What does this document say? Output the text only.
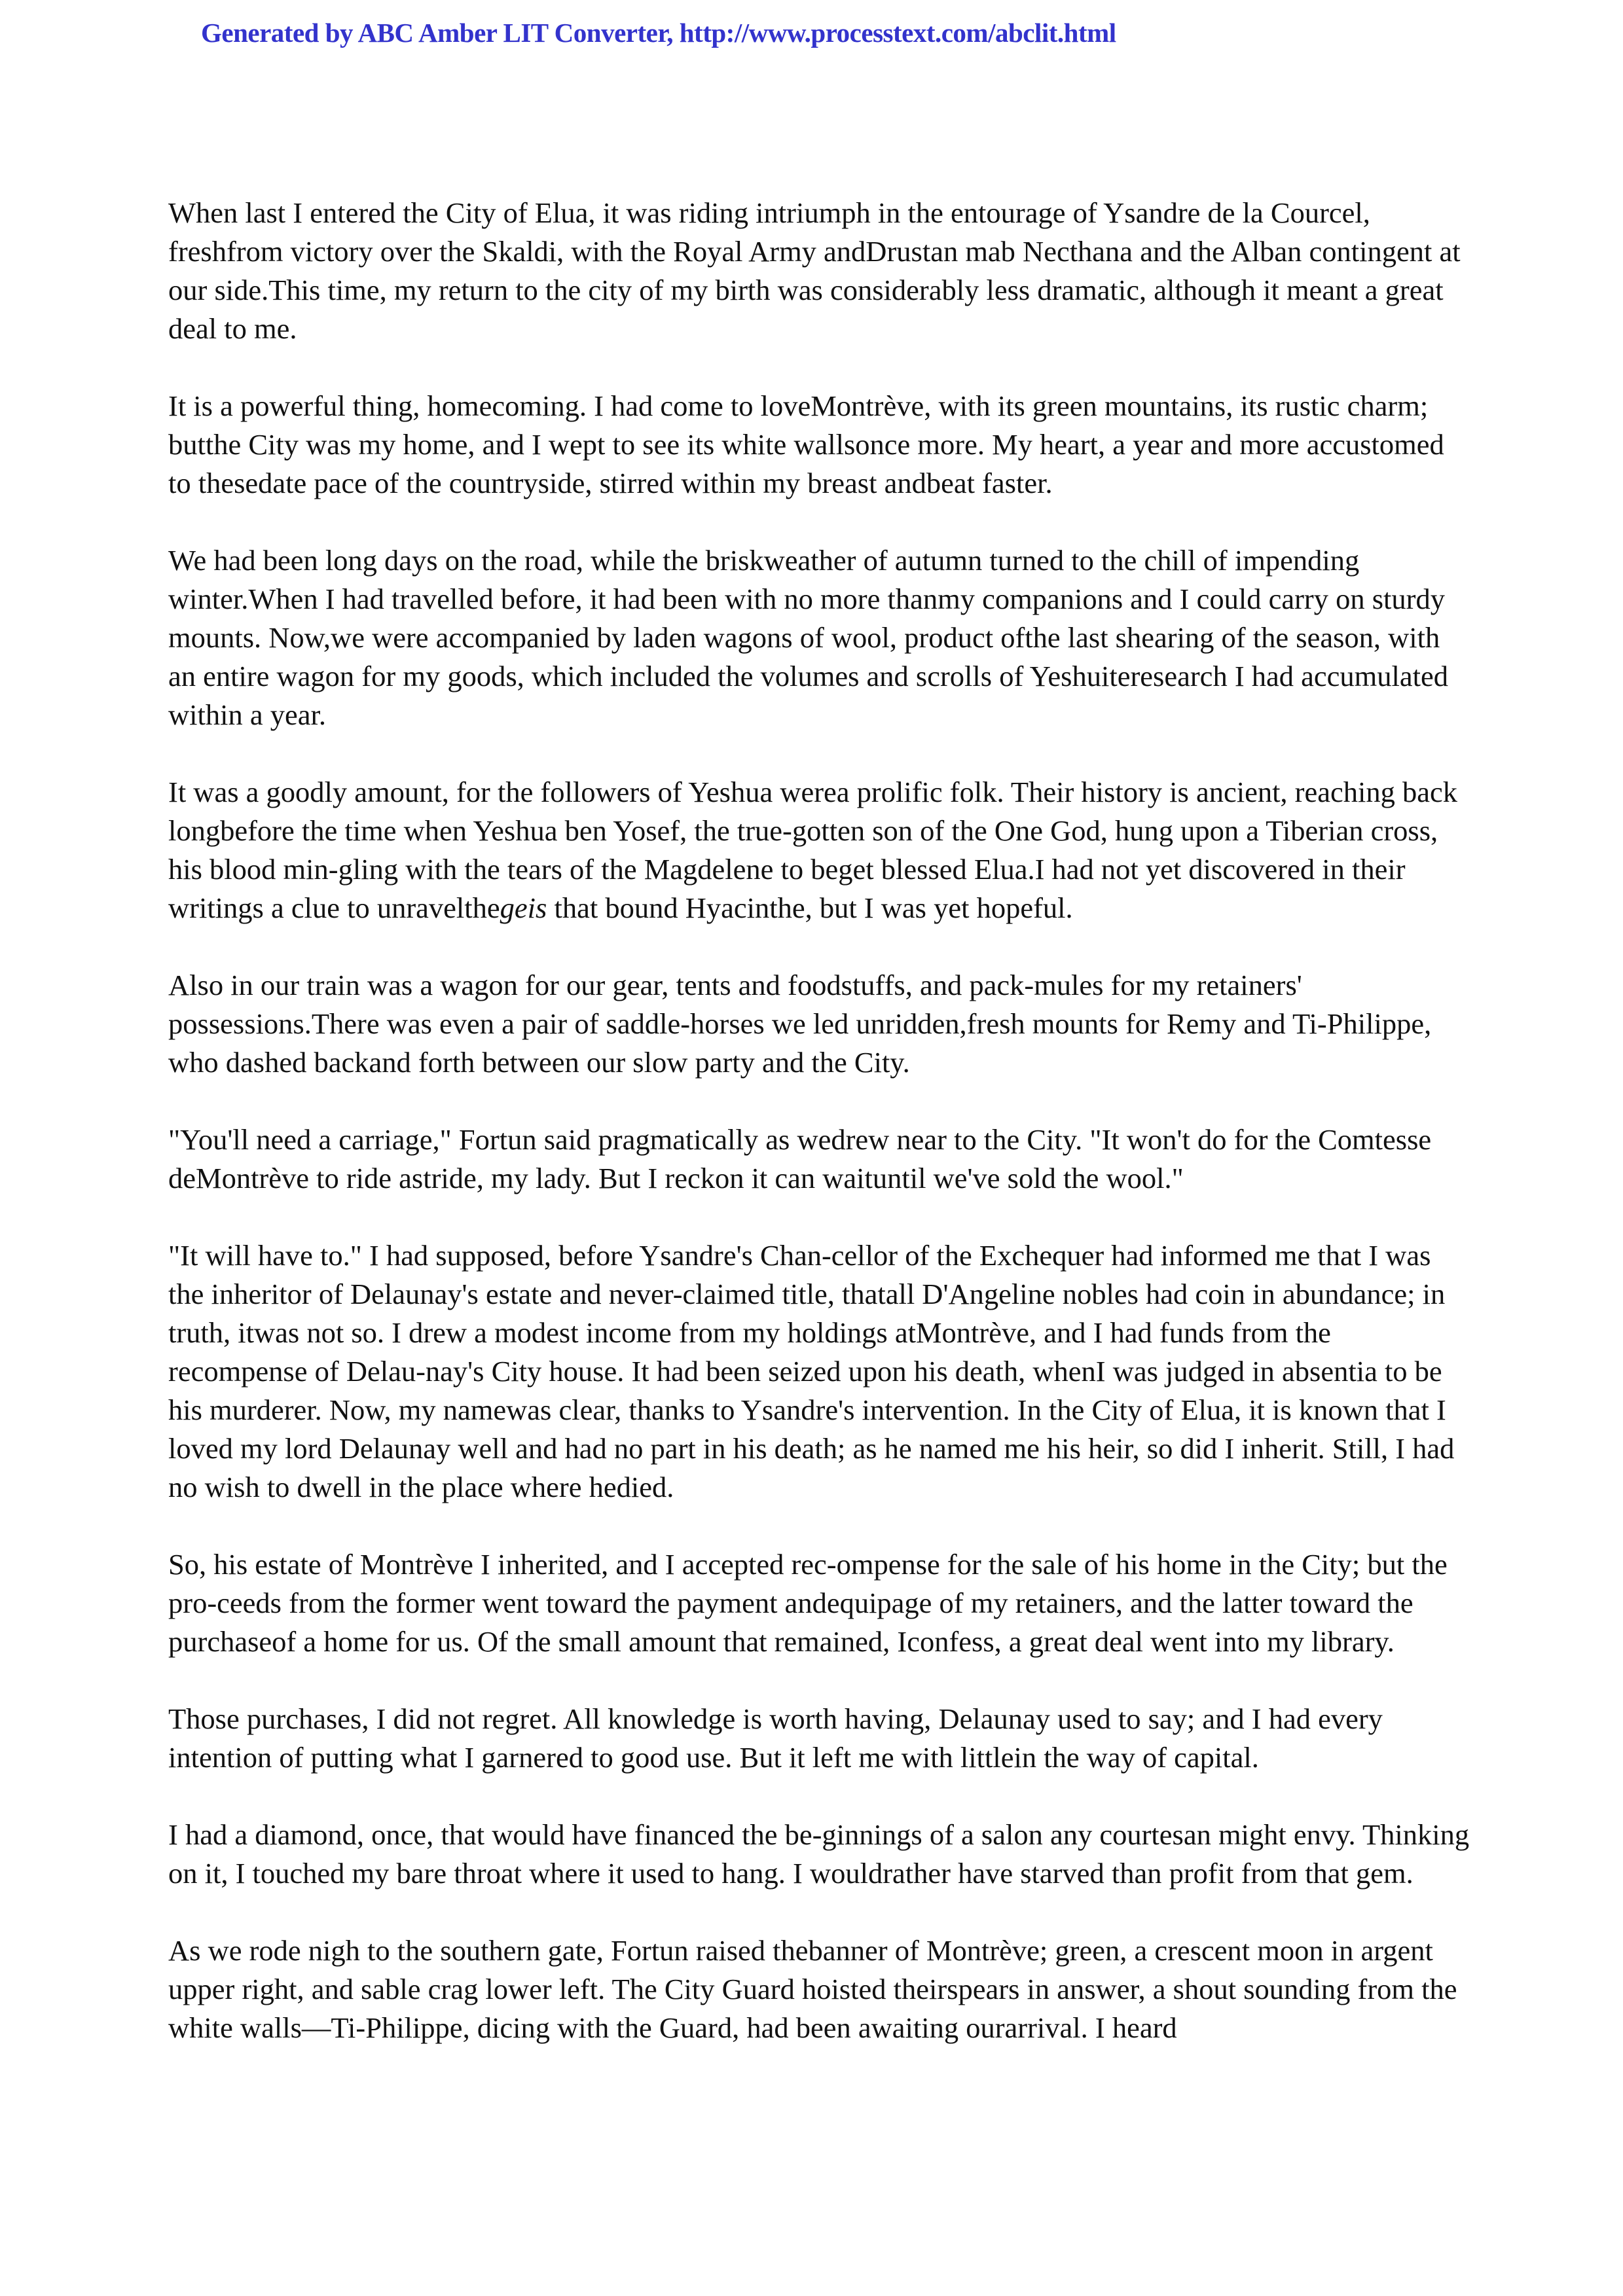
Generated by ABC Amber LIT Converter, http://www.processtext.com/abclit.html

When last I entered the City of Elua, it was riding intriumph in the entourage of Ysandre de la Courcel, freshfrom victory over the Skaldi, with the Royal Army andDrustan mab Necthana and the Alban contingent at our side.This time, my return to the city of my birth was considerably less dramatic, although it meant a great deal to me.

It is a powerful thing, homecoming. I had come to loveMontrève, with its green mountains, its rustic charm; butthe City was my home, and I wept to see its white wallsonce more. My heart, a year and more accustomed to thesedate pace of the countryside, stirred within my breast andbeat faster.

We had been long days on the road, while the briskweather of autumn turned to the chill of impending winter.When I had travelled before, it had been with no more thanmy companions and I could carry on sturdy mounts. Now,we were accompanied by laden wagons of wool, product ofthe last shearing of the season, with an entire wagon for my goods, which included the volumes and scrolls of Yeshuiteresearch I had accumulated within a year.

It was a goodly amount, for the followers of Yeshua werea prolific folk. Their history is ancient, reaching back longbefore the time when Yeshua ben Yosef, the true-gotten son of the One God, hung upon a Tiberian cross, his blood min-gling with the tears of the Magdelene to beget blessed Elua.I had not yet discovered in their writings a clue to unravelthegeis that bound Hyacinthe, but I was yet hopeful.

Also in our train was a wagon for our gear, tents and foodstuffs, and pack-mules for my retainers' possessions.There was even a pair of saddle-horses we led unridden,fresh mounts for Remy and Ti-Philippe, who dashed backand forth between our slow party and the City.

"You'll need a carriage," Fortun said pragmatically as wedrew near to the City. "It won't do for the Comtesse deMontrève to ride astride, my lady. But I reckon it can waituntil we've sold the wool."

"It will have to." I had supposed, before Ysandre's Chan-cellor of the Exchequer had informed me that I was the inheritor of Delaunay's estate and never-claimed title, thatall D'Angeline nobles had coin in abundance; in truth, itwas not so. I drew a modest income from my holdings atMontrève, and I had funds from the recompense of Delau-nay's City house. It had been seized upon his death, whenI was judged in absentia to be his murderer. Now, my namewas clear, thanks to Ysandre's intervention. In the City of Elua, it is known that I loved my lord Delaunay well and had no part in his death; as he named me his heir, so did I inherit. Still, I had no wish to dwell in the place where hedied.

So, his estate of Montrève I inherited, and I accepted rec-ompense for the sale of his home in the City; but the pro-ceeds from the former went toward the payment andequipage of my retainers, and the latter toward the purchaseof a home for us. Of the small amount that remained, Iconfess, a great deal went into my library.

Those purchases, I did not regret. All knowledge is worth having, Delaunay used to say; and I had every intention of putting what I garnered to good use. But it left me with littlein the way of capital.

I had a diamond, once, that would have financed the be-ginnings of a salon any courtesan might envy. Thinking on it, I touched my bare throat where it used to hang. I wouldrather have starved than profit from that gem.

As we rode nigh to the southern gate, Fortun raised thebanner of Montrève; green, a crescent moon in argent upper right, and sable crag lower left. The City Guard hoisted theirspears in answer, a shout sounding from the white walls—Ti-Philippe, dicing with the Guard, had been awaiting ourarrival. I heard
